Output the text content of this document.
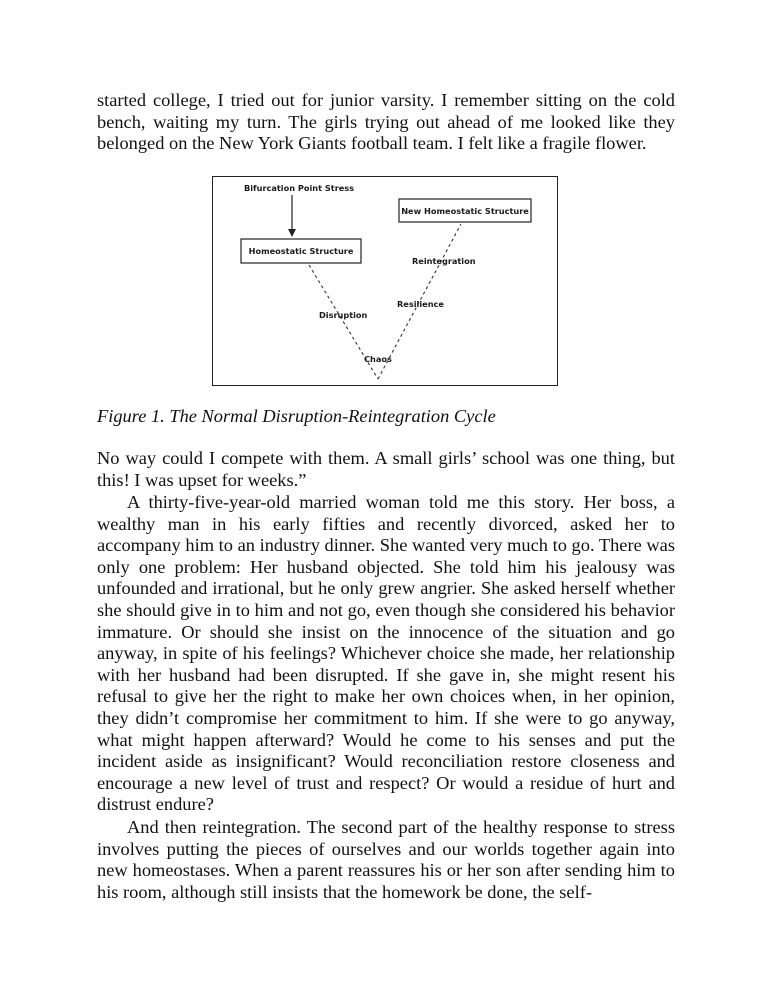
started college, I tried out for junior varsity. I remember sitting on the cold bench, waiting my turn. The girls trying out ahead of me looked like they belonged on the New York Giants football team. I felt like a fragile flower.

Bifurcation Point Stress
Homeostatic Structure
New Homeostatic Structure
Reintegration
Resilience
Disruption
Chaos

Figure 1. The Normal Disruption-Reintegration Cycle

No way could I compete with them. A small girls’ school was one thing, but this! I was upset for weeks.”

A thirty-five-year-old married woman told me this story. Her boss, a wealthy man in his early fifties and recently divorced, asked her to accompany him to an industry dinner. She wanted very much to go. There was only one problem: Her husband objected. She told him his jealousy was unfounded and irrational, but he only grew angrier. She asked herself whether she should give in to him and not go, even though she considered his behavior immature. Or should she insist on the innocence of the situation and go anyway, in spite of his feelings? Whichever choice she made, her relationship with her husband had been disrupted. If she gave in, she might resent his refusal to give her the right to make her own choices when, in her opinion, they didn’t compromise her commitment to him. If she were to go anyway, what might happen afterward? Would he come to his senses and put the incident aside as insignificant? Would reconciliation restore closeness and encourage a new level of trust and respect? Or would a residue of hurt and distrust endure?

And then reintegration. The second part of the healthy response to stress involves putting the pieces of ourselves and our worlds together again into new homeostases. When a parent reassures his or her son after sending him to his room, although still insists that the homework be done, the self-
